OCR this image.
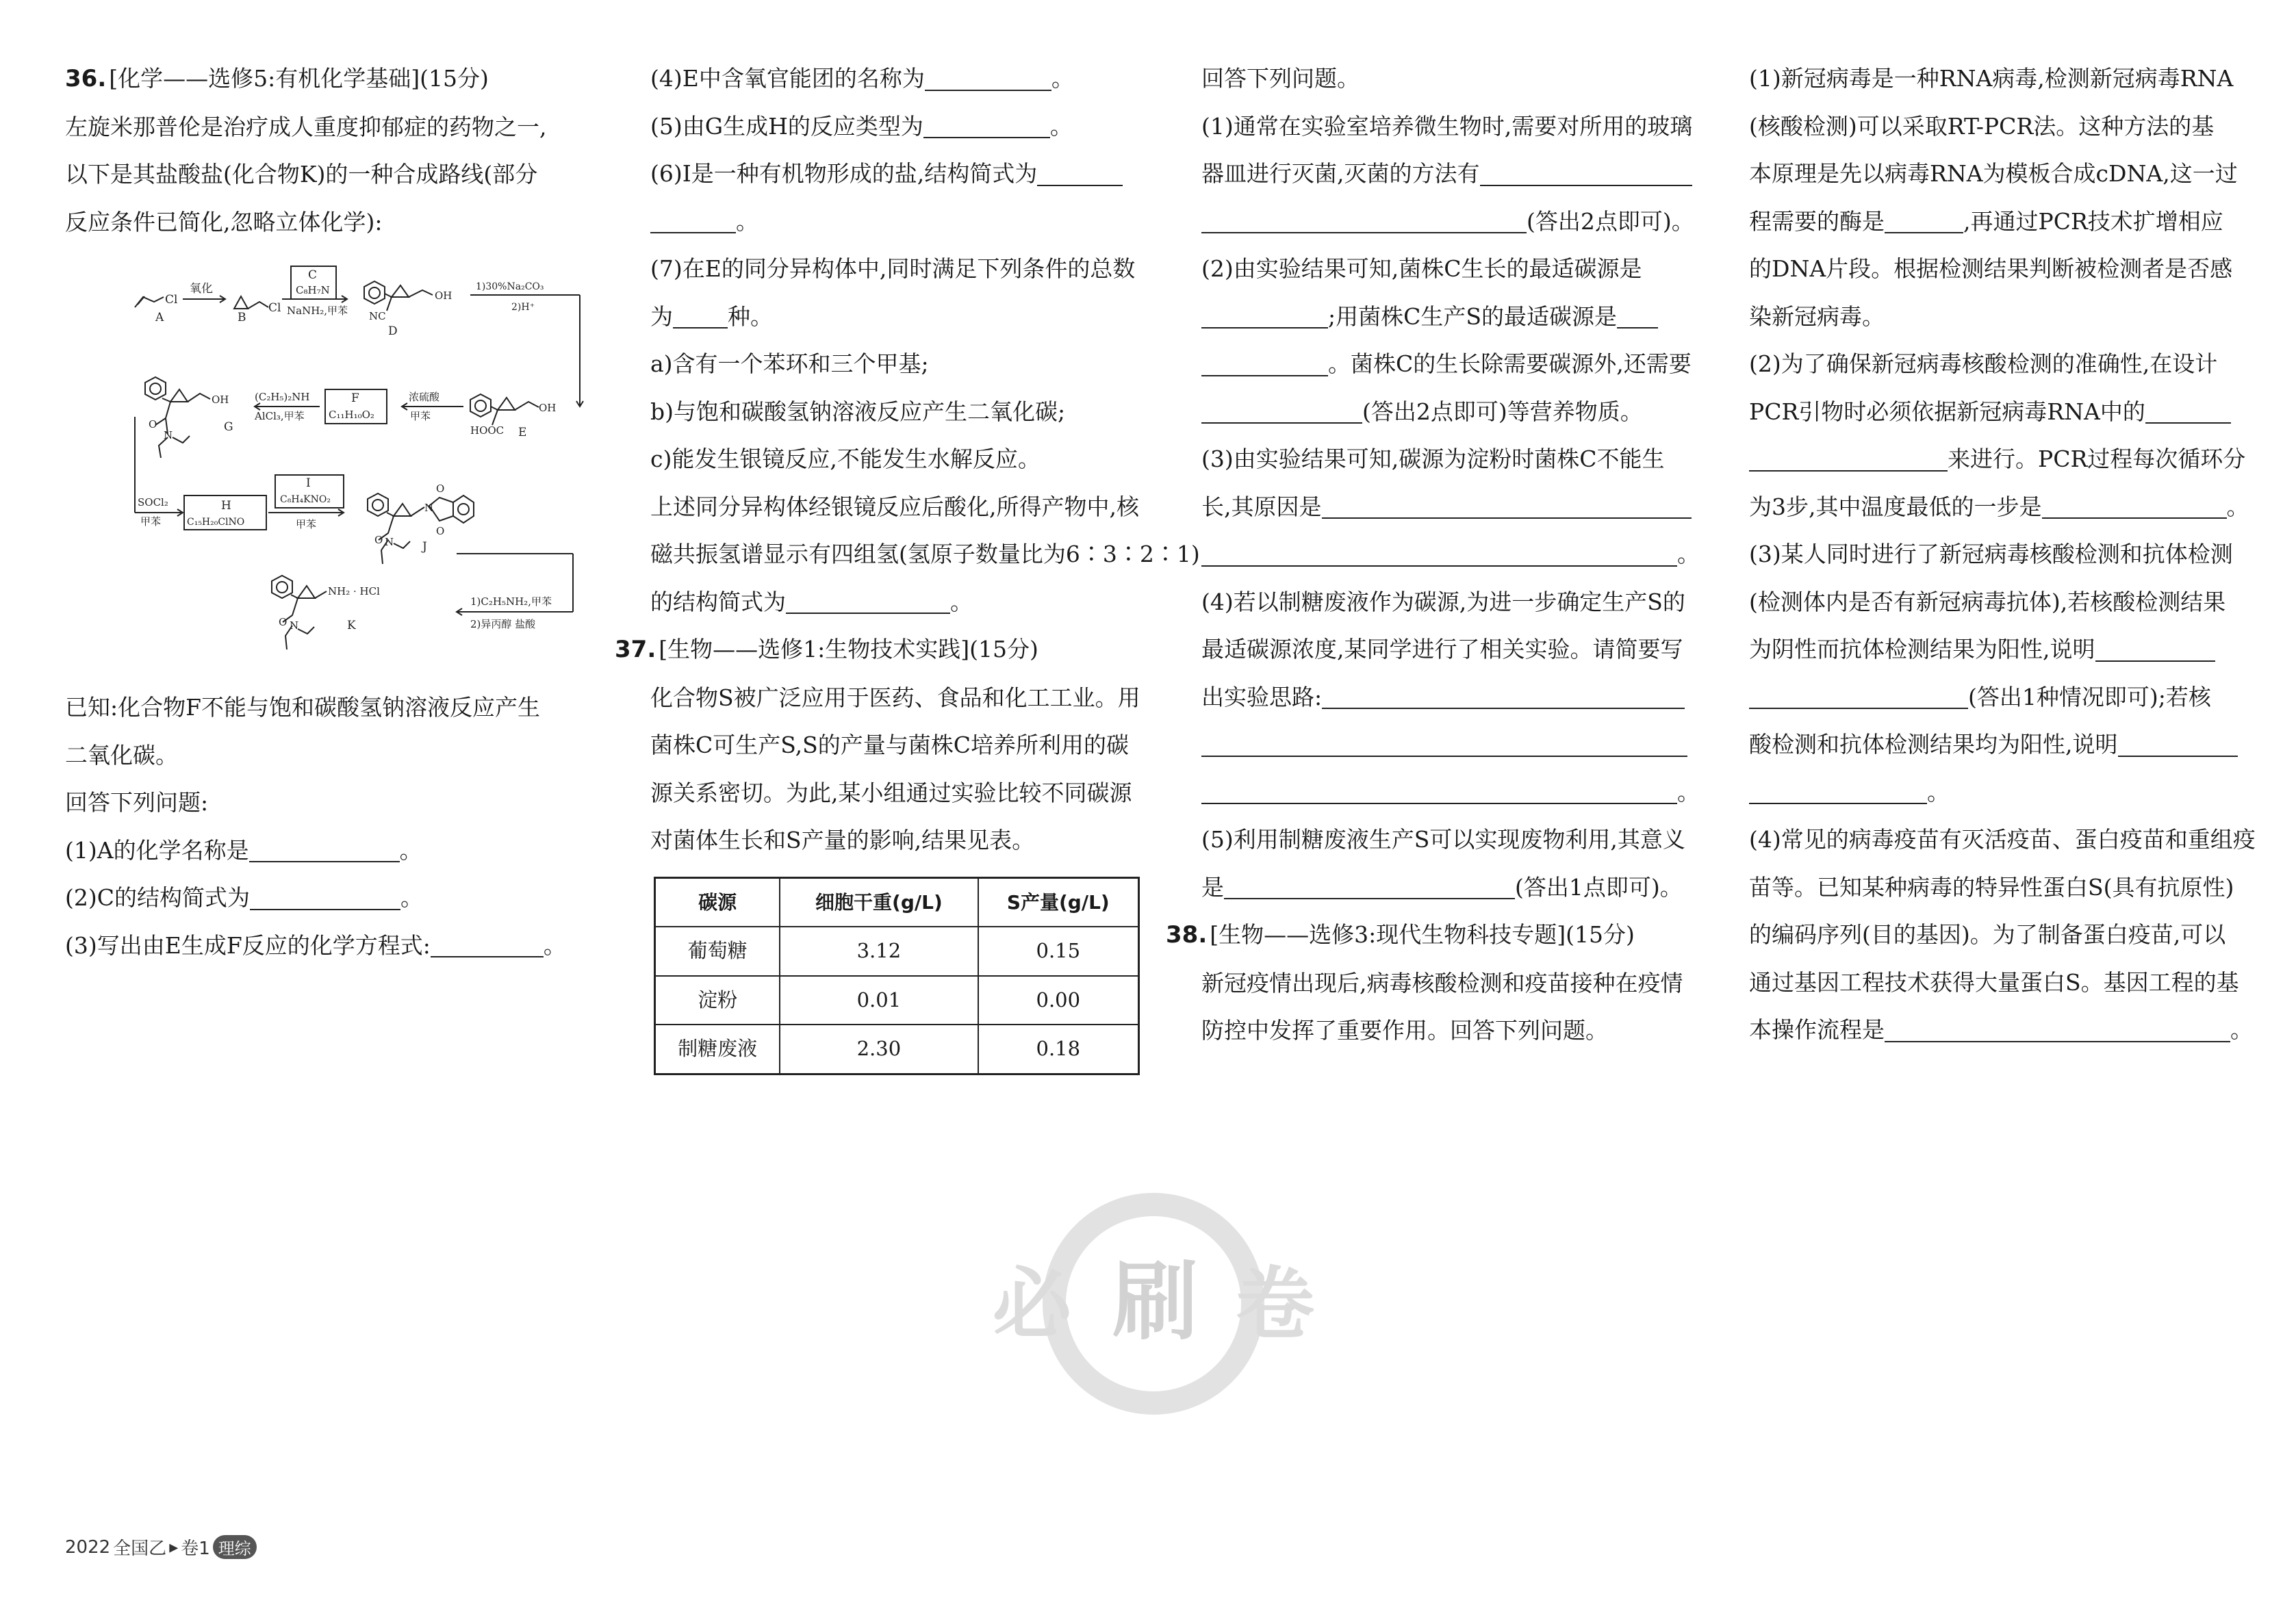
36. [化学——选修5:有机化学基础](15分)
左旋米那普伦是治疗成人重度抑郁症的药物之一,
以下是其盐酸盐(化合物K)的一种合成路线(部分
反应条件已简化,忽略立体化学):
A
Cl
氧化
B
Cl
C
C₈H₇N
NaNH₂,甲苯 NC
D
OH
1)30%Na₂CO₃
2)H⁺
OH
HOOC E
浓硫酸
甲苯
F
C₁₁H₁₀O₂
(C₂H₅)₂NH
AlCl₃,甲苯
OH
G
O
N
SOCl₂
甲苯
H
C₁₅H₂₀ClNO
I
C₈H₄KNO₂
甲苯
N
O
O
J
O N
1)C₂H₅NH₂,甲苯
2)异丙醇 盐酸
NH₂ · HCl
K
O N
已知:化合物F不能与饱和碳酸氢钠溶液反应产生
二氧化碳。
回答下列问题:
(1)A的化学名称是	。
(2)C的结构简式为	。
(3)写出由E生成F反应的化学方程式:	。
(4)E中含氧官能团的名称为	。
(5)由G生成H的反应类型为	。
(6)I是一种有机物形成的盐,结构简式为
。
(7)在E的同分异构体中,同时满足下列条件的总数
为 种。
a)含有一个苯环和三个甲基;
b)与饱和碳酸氢钠溶液反应产生二氧化碳;
c)能发生银镜反应,不能发生水解反应。
上述同分异构体经银镜反应后酸化,所得产物中,核
磁共振氢谱显示有四组氢(氢原子数量比为6∶3∶2∶1)
的结构简式为	。
37. [生物——选修1:生物技术实践](15分)
化合物S被广泛应用于医药、食品和化工工业。用
菌株C可生产S,S的产量与菌株C培养所利用的碳
源关系密切。为此,某小组通过实验比较不同碳源
对菌体生长和S产量的影响,结果见表。
碳源	细胞干重(g/L)	S产量(g/L)
葡萄糖	3.12	0.15
淀粉	0.01	0.00
制糖废液	2.30	0.18
回答下列问题。
(1)通常在实验室培养微生物时,需要对所用的玻璃
器皿进行灭菌,灭菌的方法有
(答出2点即可)。
(2)由实验结果可知,菌株C生长的最适碳源是
;用菌株C生产S的最适碳源是
。菌株C的生长除需要碳源外,还需要
(答出2点即可)等营养物质。
(3)由实验结果可知,碳源为淀粉时菌株C不能生
长,其原因是
。
(4)若以制糖废液作为碳源,为进一步确定生产S的
最适碳源浓度,某同学进行了相关实验。请简要写
出实验思路:
。
(5)利用制糖废液生产S可以实现废物利用,其意义
是	(答出1点即可)。
38. [生物——选修3:现代生物科技专题](15分)
新冠疫情出现后,病毒核酸检测和疫苗接种在疫情
防控中发挥了重要作用。回答下列问题。
(1)新冠病毒是一种RNA病毒,检测新冠病毒RNA
(核酸检测)可以采取RT-PCR法。这种方法的基
本原理是先以病毒RNA为模板合成cDNA,这一过
程需要的酶是	,再通过PCR技术扩增相应
的DNA片段。根据检测结果判断被检测者是否感
染新冠病毒。
(2)为了确保新冠病毒核酸检测的准确性,在设计
PCR引物时必须依据新冠病毒RNA中的
来进行。PCR过程每次循环分
为3步,其中温度最低的一步是	。
(3)某人同时进行了新冠病毒核酸检测和抗体检测
(检测体内是否有新冠病毒抗体),若核酸检测结果
为阴性而抗体检测结果为阳性,说明
(答出1种情况即可);若核
酸检测和抗体检测结果均为阳性,说明
。
(4)常见的病毒疫苗有灭活疫苗、蛋白疫苗和重组疫
苗等。已知某种病毒的特异性蛋白S(具有抗原性)
的编码序列(目的基因)。为了制备蛋白疫苗,可以
通过基因工程技术获得大量蛋白S。基因工程的基
本操作流程是	。
必 刷 卷
2022 全国乙 ▸ 卷1 理综
